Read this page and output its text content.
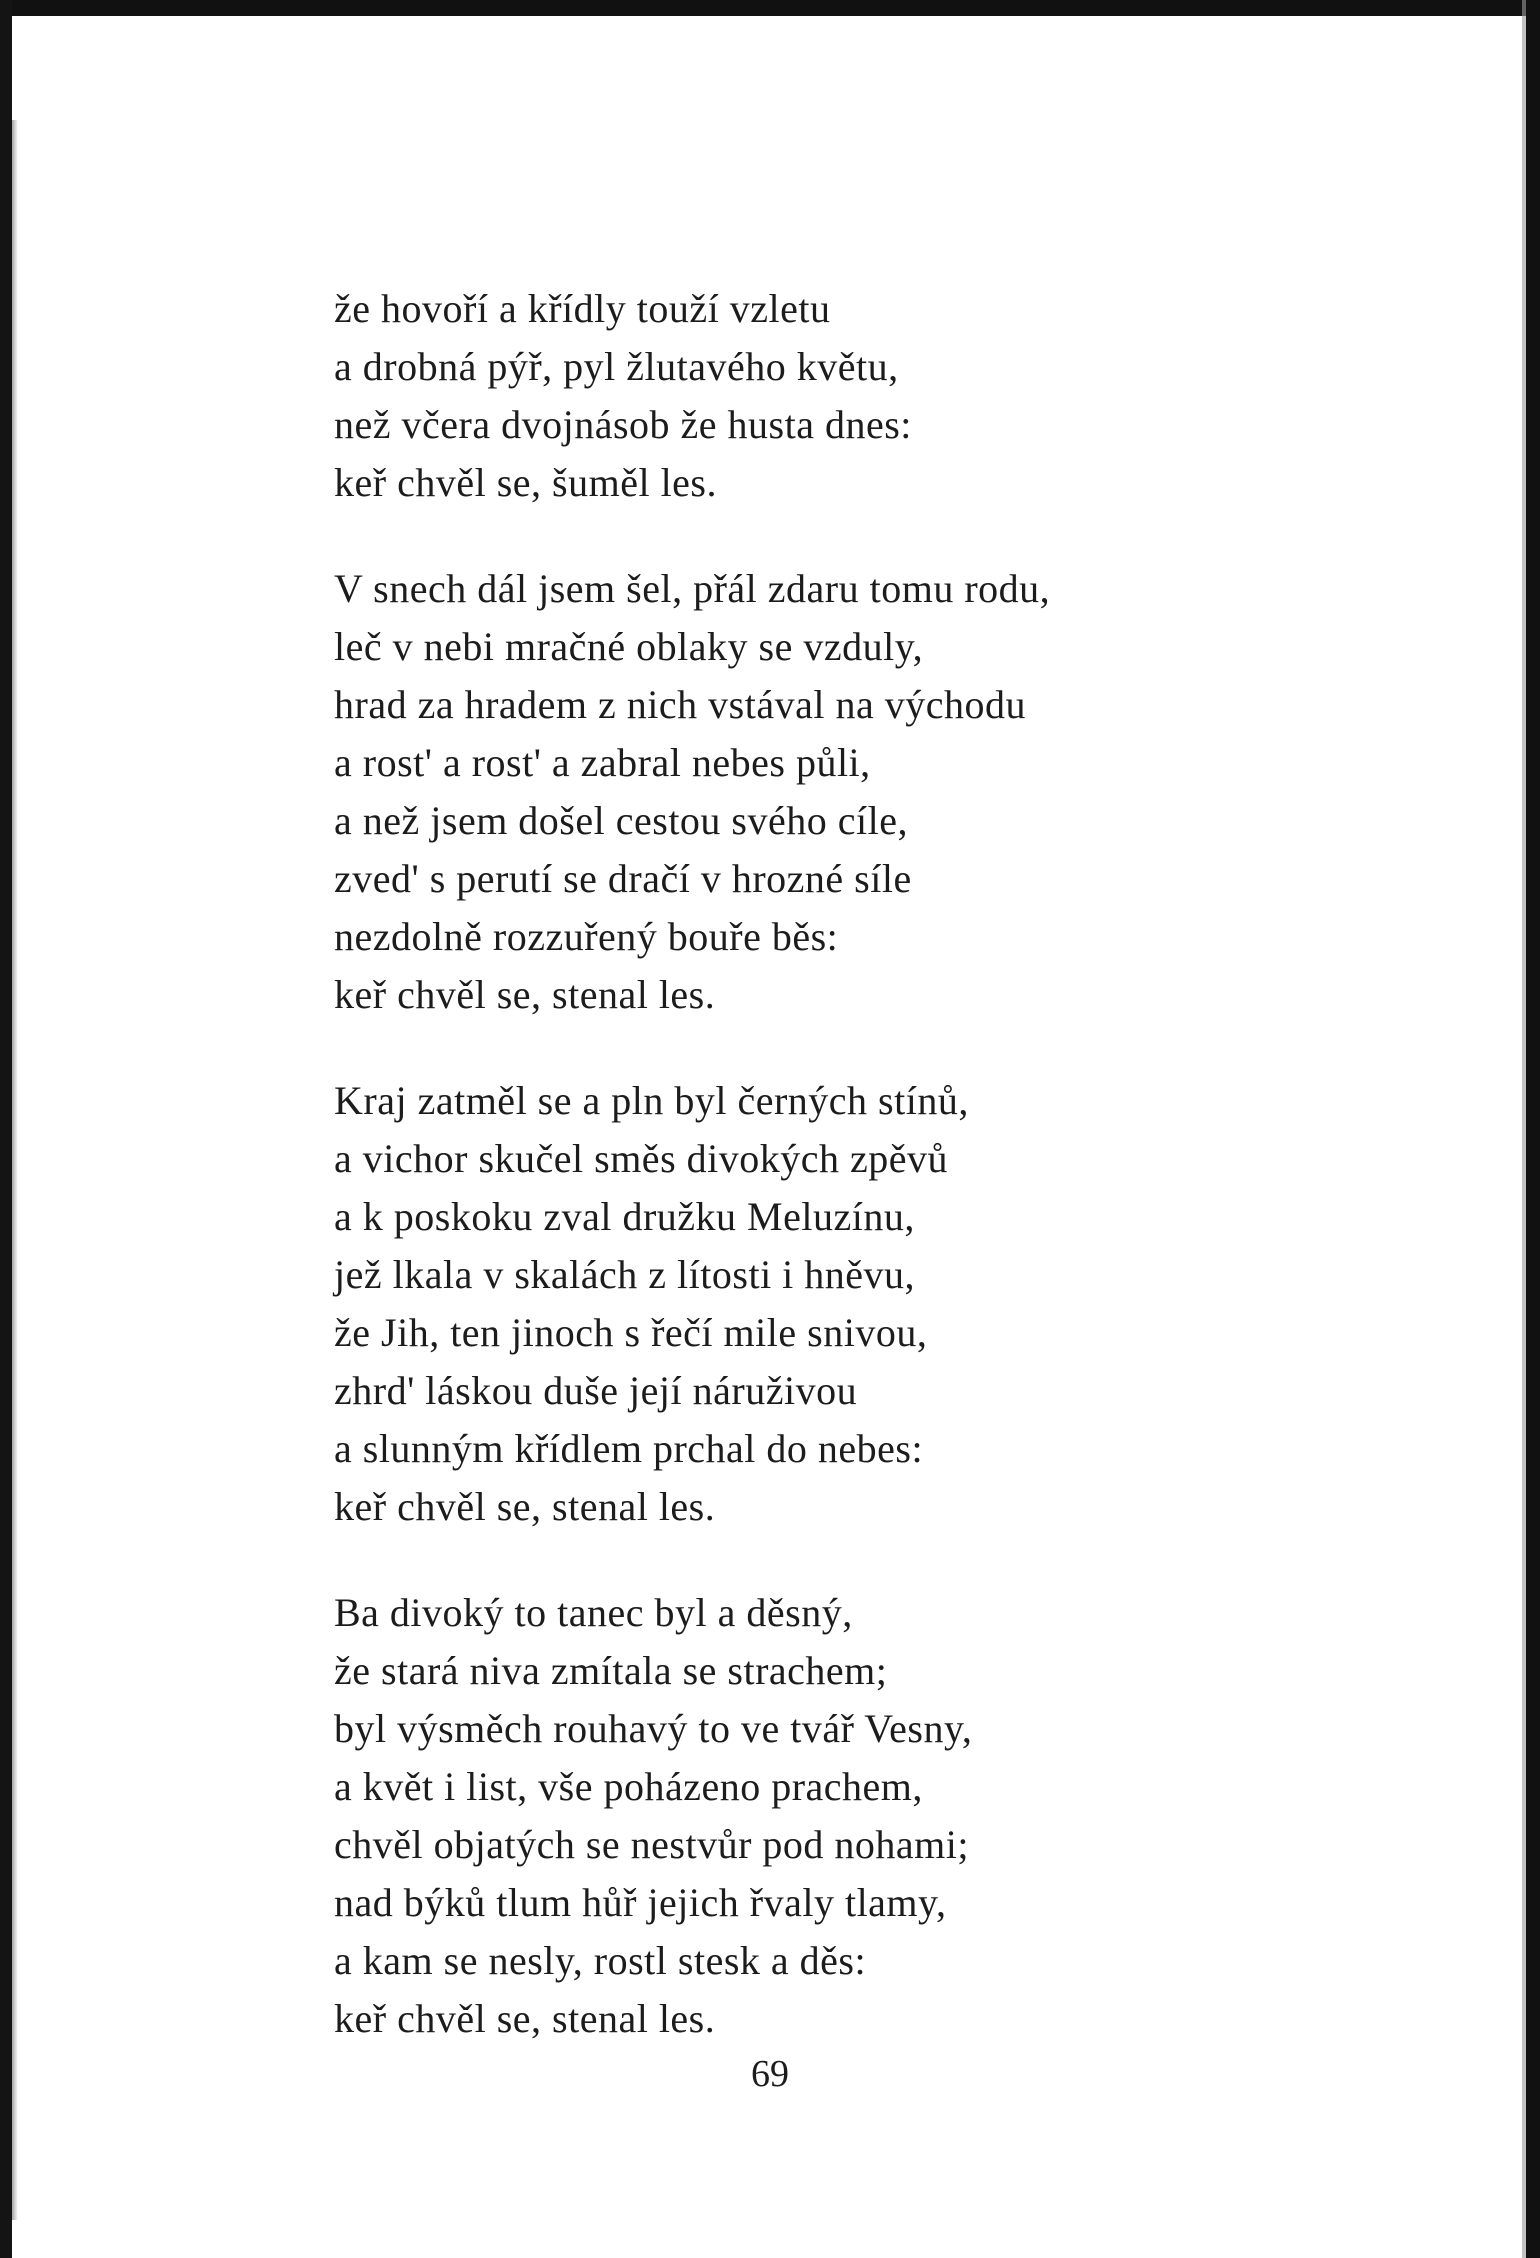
že hovoří a křídly touží vzletu
a drobná pýř, pyl žlutavého květu,
než včera dvojnásob že husta dnes:
keř chvěl se, šuměl les.
V snech dál jsem šel, přál zdaru tomu rodu,
leč v nebi mračné oblaky se vzduly,
hrad za hradem z nich vstával na východu
a rost' a rost' a zabral nebes půli,
a než jsem došel cestou svého cíle,
zved' s perutí se dračí v hrozné síle
nezdolně rozzuřený bouře běs:
keř chvěl se, stenal les.
Kraj zatměl se a pln byl černých stínů,
a vichor skučel směs divokých zpěvů
a k poskoku zval družku Meluzínu,
jež lkala v skalách z lítosti i hněvu,
že Jih, ten jinoch s řečí mile snivou,
zhrd' láskou duše její náruživou
a slunným křídlem prchal do nebes:
keř chvěl se, stenal les.
Ba divoký to tanec byl a děsný,
že stará niva zmítala se strachem;
byl výsměch rouhavý to ve tvář Vesny,
a květ i list, vše poházeno prachem,
chvěl objatých se nestvůr pod nohami;
nad býků tlum hůř jejich řvaly tlamy,
a kam se nesly, rostl stesk a děs:
keř chvěl se, stenal les.
69
